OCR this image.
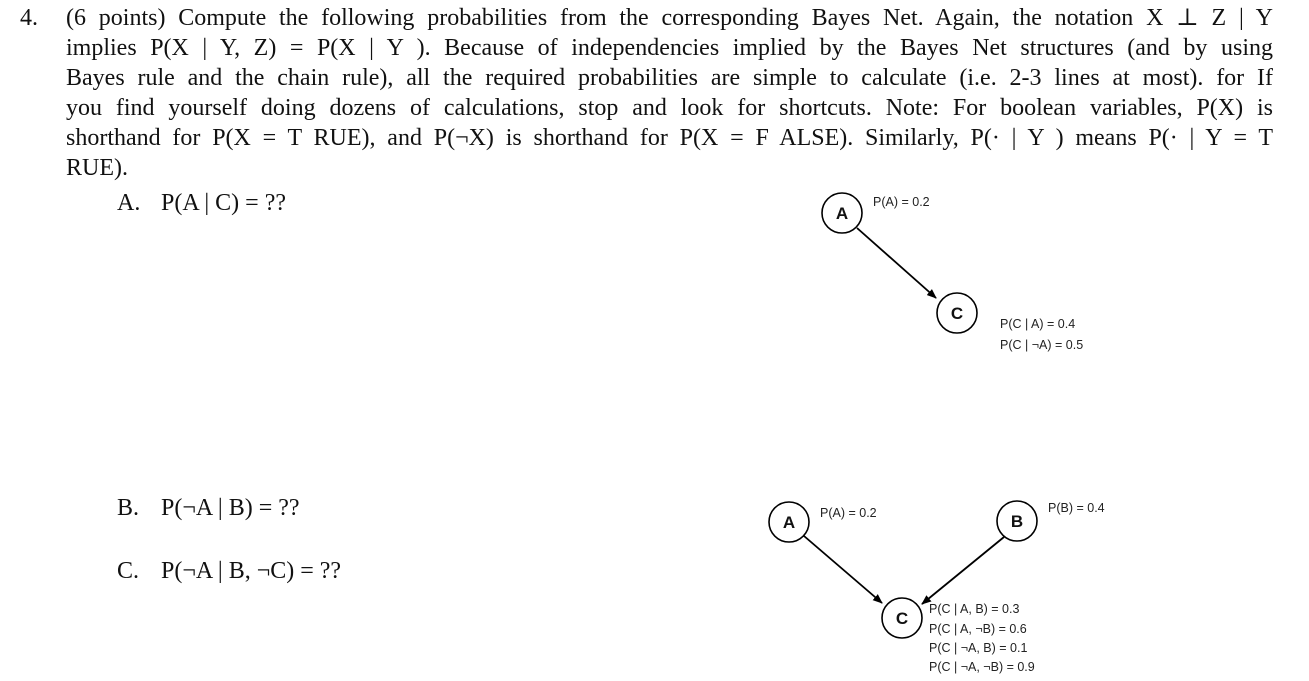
4. (6 points) Compute the following probabilities from the corresponding Bayes Net. Again, the notation X ⊥ Z | Y
implies P(X | Y, Z) = P(X | Y ). Because of independencies implied by the Bayes Net structures (and by using
Bayes rule and the chain rule), all the required probabilities are simple to calculate (i.e. 2-3 lines at most). for If
you find yourself doing dozens of calculations, stop and look for shortcuts. Note: For boolean variables, P(X) is
shorthand for P(X = T RUE), and P(¬X) is shorthand for P(X = F ALSE). Similarly, P(· | Y ) means P(· | Y = T
RUE).
A. P(A | C) = ??
B. P(¬A | B) = ??
C. P(¬A | B, ¬C) = ??
A
C
P(A) = 0.2
P(C | A) = 0.4
P(C | ¬A) = 0.5
A	B
C
P(A) = 0.2	P(B) = 0.4
P(C | A, B) = 0.3
P(C | A, ¬B) = 0.6
P(C | ¬A, B) = 0.1
P(C | ¬A, ¬B) = 0.9
